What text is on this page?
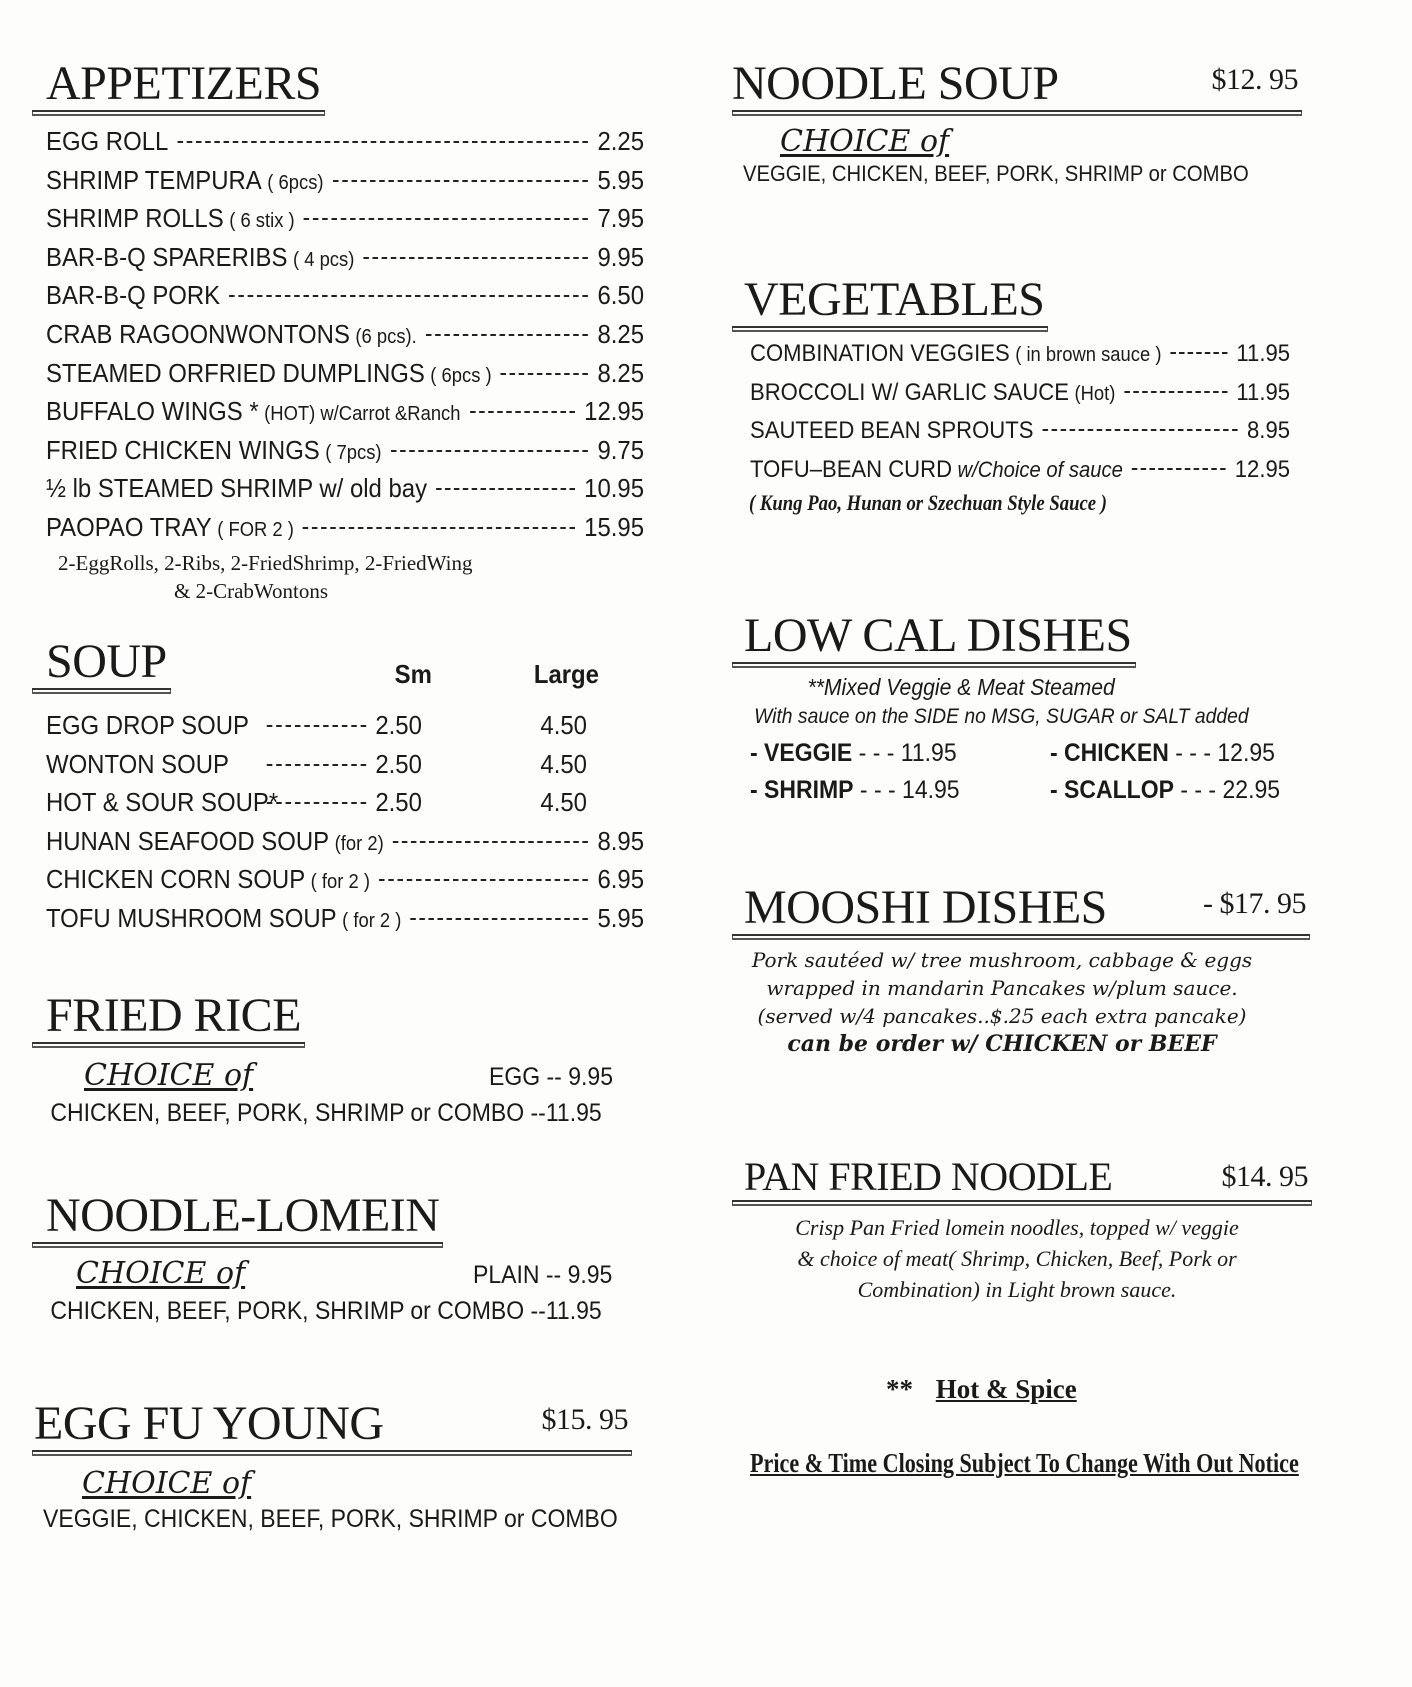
APPETIZERS
EGG ROLL	2.25
SHRIMP TEMPURA ( 6pcs)	5.95
SHRIMP ROLLS ( 6 stix )	7.95
BAR-B-Q SPARERIBS ( 4 pcs)	9.95
BAR-B-Q PORK	6.50
CRAB RAGOONWONTONS (6 pcs).	8.25
STEAMED ORFRIED DUMPLINGS ( 6pcs )	8.25
BUFFALO WINGS * (HOT) w/Carrot &Ranch	12.95
FRIED CHICKEN WINGS ( 7pcs)	9.75
½ lb STEAMED SHRIMP w/ old bay	10.95
PAOPAO TRAY ( FOR 2 )	15.95
2-EggRolls, 2-Ribs, 2-FriedShrimp, 2-FriedWing
& 2-CrabWontons
SOUP	Sm	Large
EGG DROP SOUP	2.50	4.50
WONTON SOUP	2.50	4.50
HOT & SOUR SOUP*	2.50	4.50
HUNAN SEAFOOD SOUP (for 2)	8.95
CHICKEN CORN SOUP ( for 2 )	6.95
TOFU MUSHROOM SOUP ( for 2 )	5.95
FRIED RICE
CHOICE of	EGG -- 9.95
CHICKEN, BEEF, PORK, SHRIMP or COMBO --11.95
NOODLE-LOMEIN
CHOICE of	PLAIN -- 9.95
CHICKEN, BEEF, PORK, SHRIMP or COMBO --11.95
EGG FU YOUNG	$15. 95
CHOICE of
VEGGIE, CHICKEN, BEEF, PORK, SHRIMP or COMBO
NOODLE SOUP	$12. 95
CHOICE of
VEGGIE, CHICKEN, BEEF, PORK, SHRIMP or COMBO
VEGETABLES
COMBINATION VEGGIES ( in brown sauce )	11.95
BROCCOLI W/ GARLIC SAUCE (Hot)	11.95
SAUTEED BEAN SPROUTS	8.95
TOFU–BEAN CURD w/Choice of sauce	12.95
( Kung Pao, Hunan or Szechuan Style Sauce )
LOW CAL DISHES
**Mixed Veggie & Meat Steamed
With sauce on the SIDE no MSG, SUGAR or SALT added
- VEGGIE - - - 11.95	- CHICKEN - - - 12.95
- SHRIMP - - - 14.95	- SCALLOP - - - 22.95
MOOSHI DISHES	- $17. 95
Pork sautéed w/ tree mushroom, cabbage & eggs
wrapped in mandarin Pancakes w/plum sauce.
(served w/4 pancakes..$.25 each extra pancake)
can be order w/ CHICKEN or BEEF
PAN FRIED NOODLE	$14. 95
Crisp Pan Fried lomein noodles, topped w/ veggie
& choice of meat( Shrimp, Chicken, Beef, Pork or
Combination) in Light brown sauce.
** Hot & Spice
Price & Time Closing Subject To Change With Out Notice
